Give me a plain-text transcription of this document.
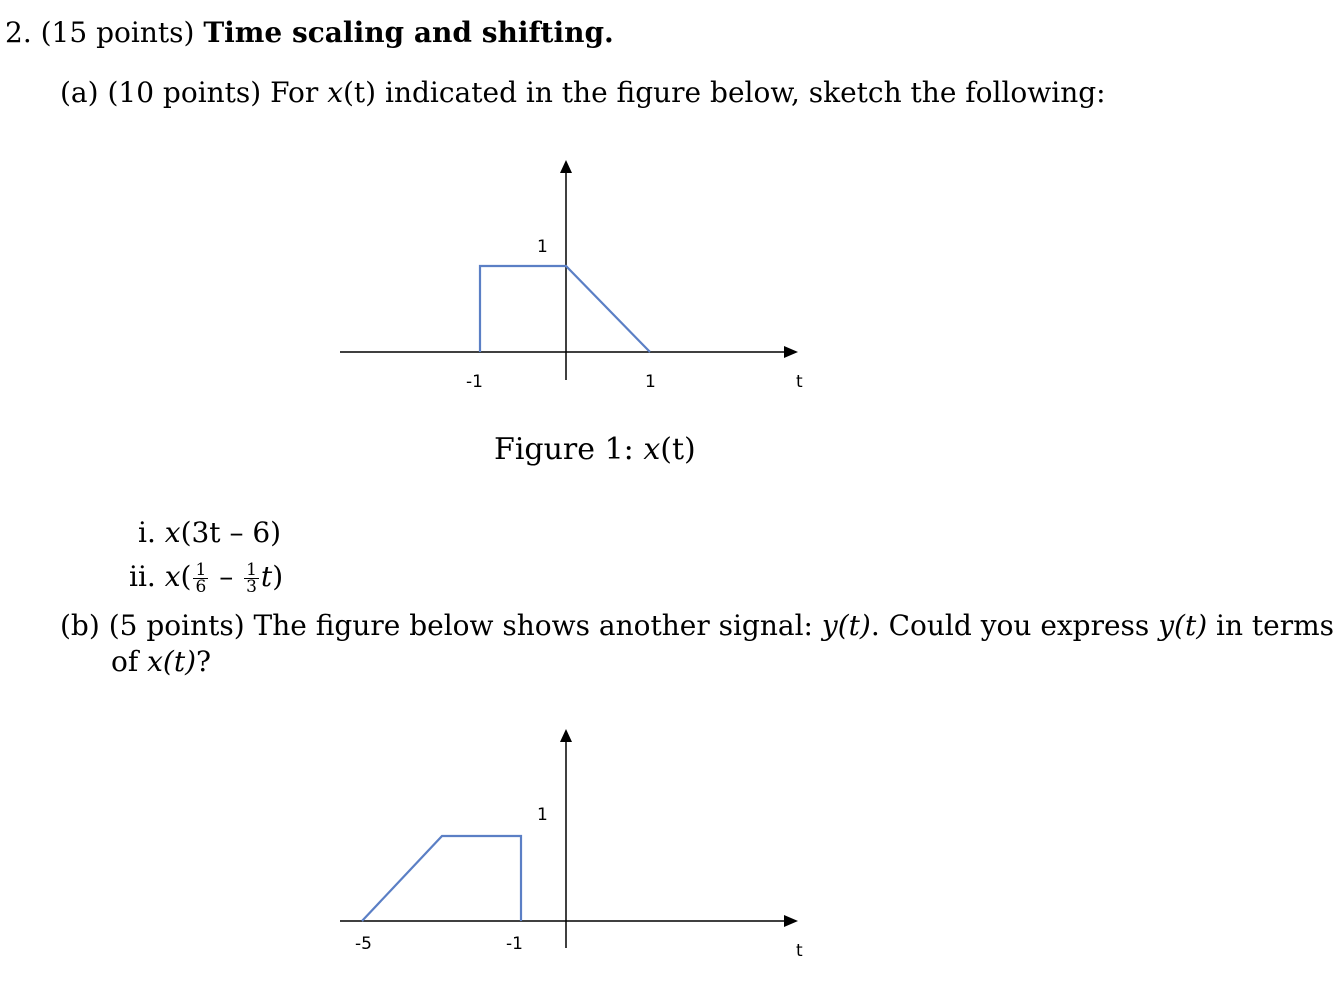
2. (15 points) Time scaling and shifting.
(a) (10 points) For x(t) indicated in the figure below, sketch the following:
1
-1	1	t
1
-5	-1	t
Figure 1: x(t)
i. x(3t – 6)
ii. $x( \frac{1}{6} - \frac{1}{3} t)$
(b) (5 points) The figure below shows another signal: y(t). Could you express y(t) in terms
of x(t)?
